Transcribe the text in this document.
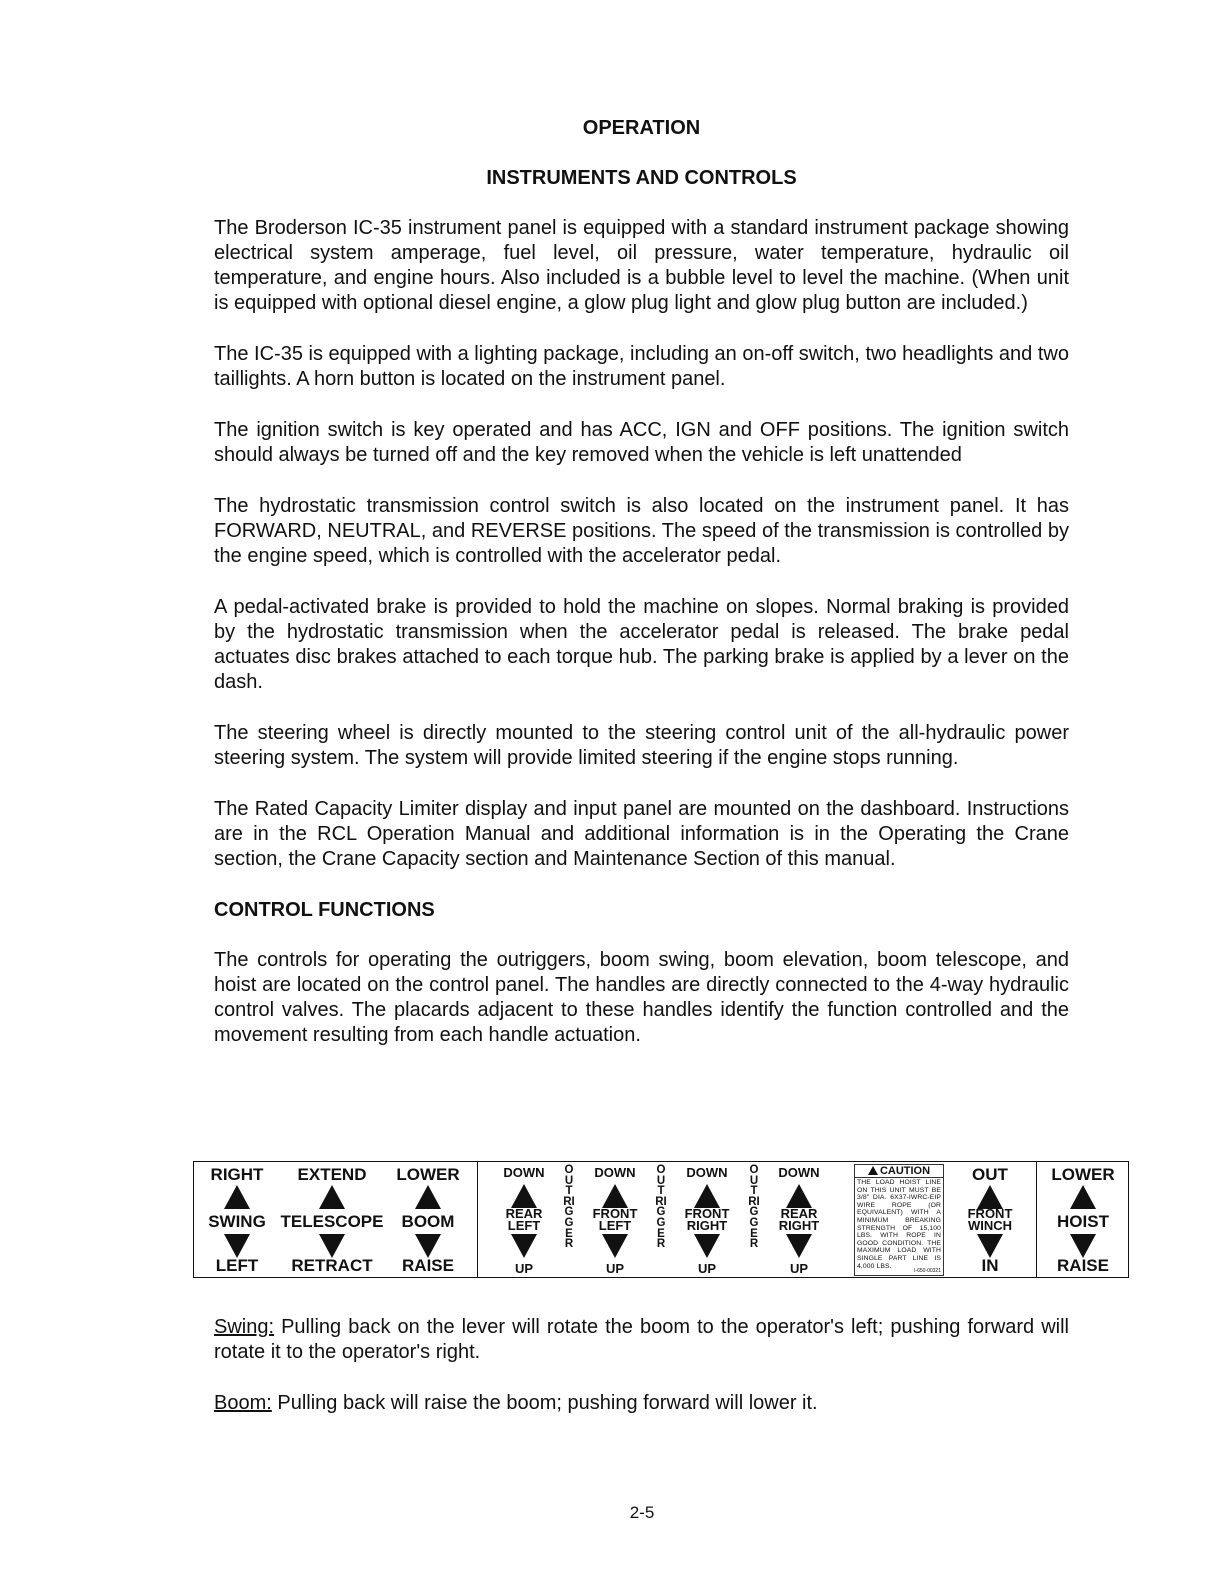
OPERATION
INSTRUMENTS AND CONTROLS

The Broderson IC-35 instrument panel is equipped with a standard instrument package showing electrical system amperage, fuel level, oil pressure, water temperature, hydraulic oil temperature, and engine hours. Also included is a bubble level to level the machine. (When unit is equipped with optional diesel engine, a glow plug light and glow plug button are included.)

The IC-35 is equipped with a lighting package, including an on-off switch, two headlights and two taillights. A horn button is located on the instrument panel.

The ignition switch is key operated and has ACC, IGN and OFF positions. The ignition switch should always be turned off and the key removed when the vehicle is left unattended

The hydrostatic transmission control switch is also located on the instrument panel. It has FORWARD, NEUTRAL, and REVERSE positions. The speed of the transmission is controlled by the engine speed, which is controlled with the accelerator pedal.

A pedal-activated brake is provided to hold the machine on slopes. Normal braking is provided by the hydrostatic transmission when the accelerator pedal is released. The brake pedal actuates disc brakes attached to each torque hub. The parking brake is applied by a lever on the dash.

The steering wheel is directly mounted to the steering control unit of the all-hydraulic power steering system. The system will provide limited steering if the engine stops running.

The Rated Capacity Limiter display and input panel are mounted on the dashboard. Instructions are in the RCL Operation Manual and additional information is in the Operating the Crane section, the Crane Capacity section and Maintenance Section of this manual.

CONTROL FUNCTIONS

The controls for operating the outriggers, boom swing, boom elevation, boom telescope, and hoist are located on the control panel. The handles are directly connected to the 4-way hydraulic control valves. The placards adjacent to these handles identify the function controlled and the movement resulting from each handle actuation.

RIGHT
SWING
LEFT
EXTEND
TELESCOPE
RETRACT
LOWER
BOOM
RAISE
DOWN
REAR
LEFT
UP
OUTRIGGER
DOWN
FRONT
LEFT
UP
OUTRIGGER
DOWN
FRONT
RIGHT
UP
OUTRIGGER
DOWN
REAR
RIGHT
UP
CAUTION
THE LOAD HOIST LINE ON THIS UNIT MUST BE 3/8" DIA. 6X37-IWRC-EIP WIRE ROPE (OR EQUIVALENT) WITH A MINIMUM BREAKING STRENGTH OF 15,100 LBS. WITH ROPE IN GOOD CONDITION. THE MAXIMUM LOAD WITH SINGLE PART LINE IS 4,000 LBS.
I-650-00321
OUT
FRONT
WINCH
IN
LOWER
HOIST
RAISE

Swing: Pulling back on the lever will rotate the boom to the operator's left; pushing forward will rotate it to the operator's right.

Boom: Pulling back will raise the boom; pushing forward will lower it.

2-5
